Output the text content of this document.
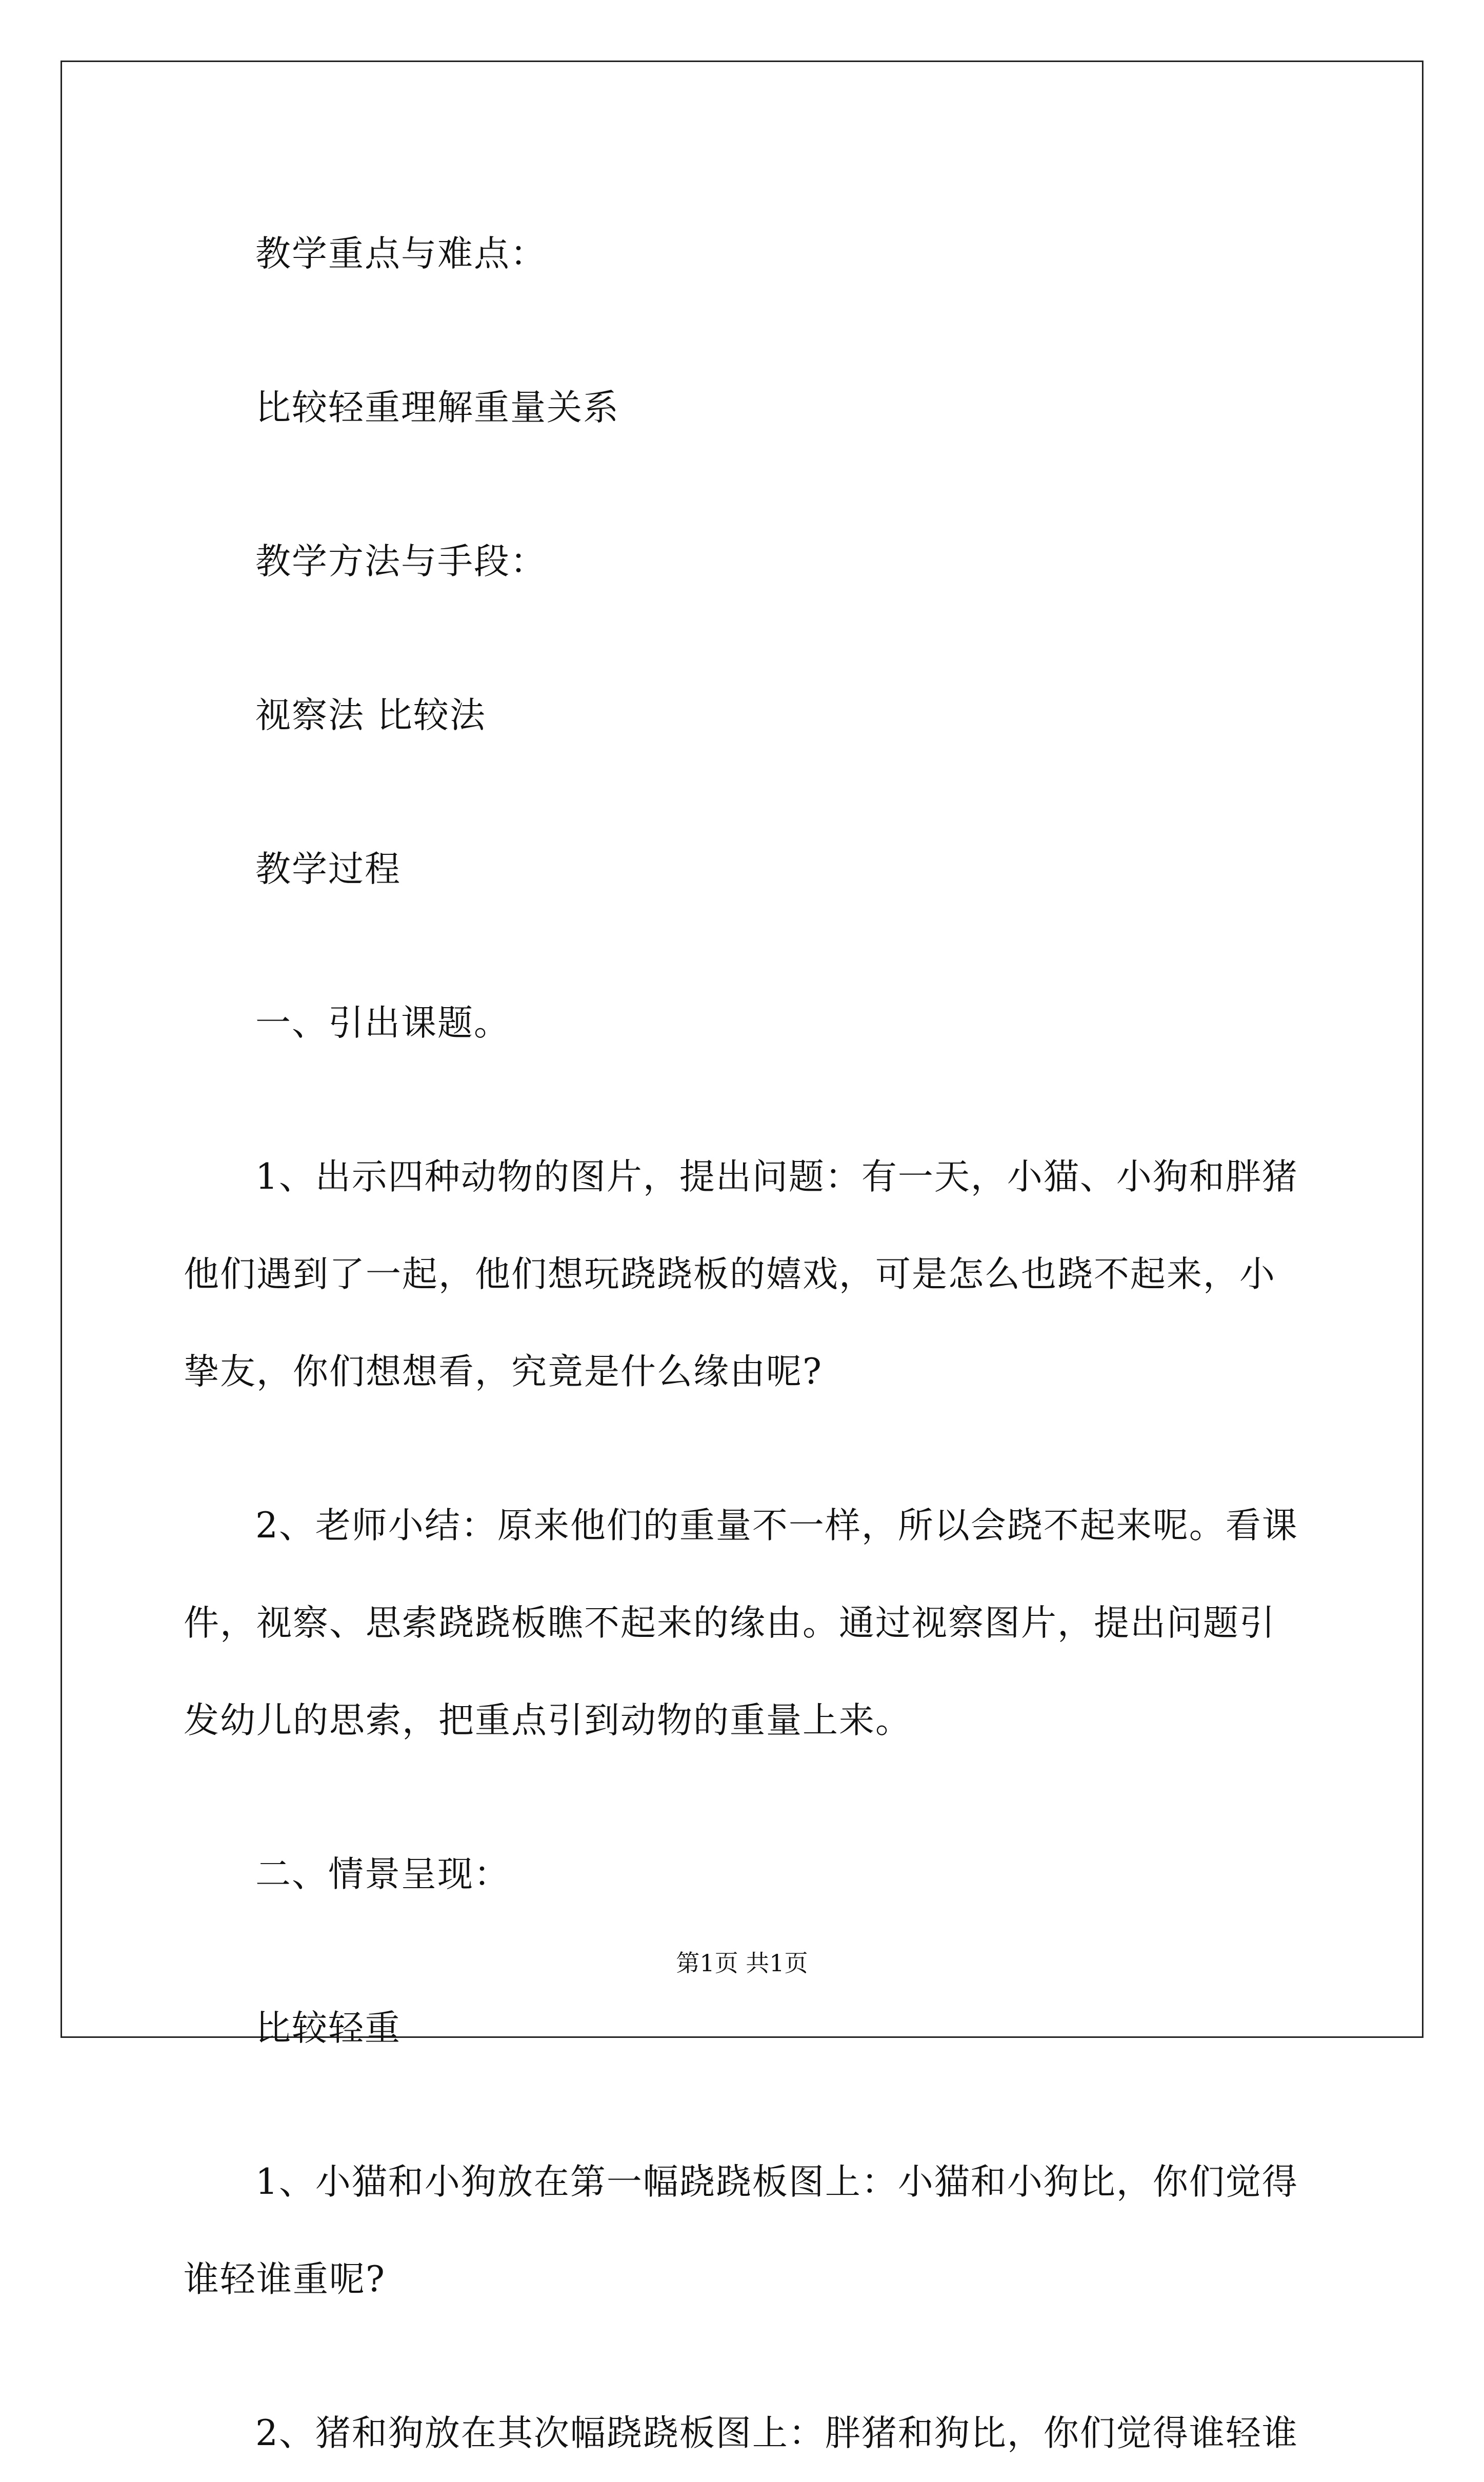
教学重点与难点：

比较轻重理解重量关系

教学方法与手段：

视察法 比较法

教学过程

一、引出课题。

1、出示四种动物的图片，提出问题：有一天，小猫、小狗和胖猪他们遇到了一起，他们想玩跷跷板的嬉戏，可是怎么也跷不起来，小挚友，你们想想看，究竟是什么缘由呢?

2、老师小结：原来他们的重量不一样，所以会跷不起来呢。看课件，视察、思索跷跷板瞧不起来的缘由。通过视察图片，提出问题引发幼儿的思索，把重点引到动物的重量上来。

二、情景呈现：

比较轻重

1、小猫和小狗放在第一幅跷跷板图上：小猫和小狗比，你们觉得谁轻谁重呢?

2、猪和狗放在其次幅跷跷板图上：胖猪和狗比，你们觉得谁轻谁

第1页 共1页
